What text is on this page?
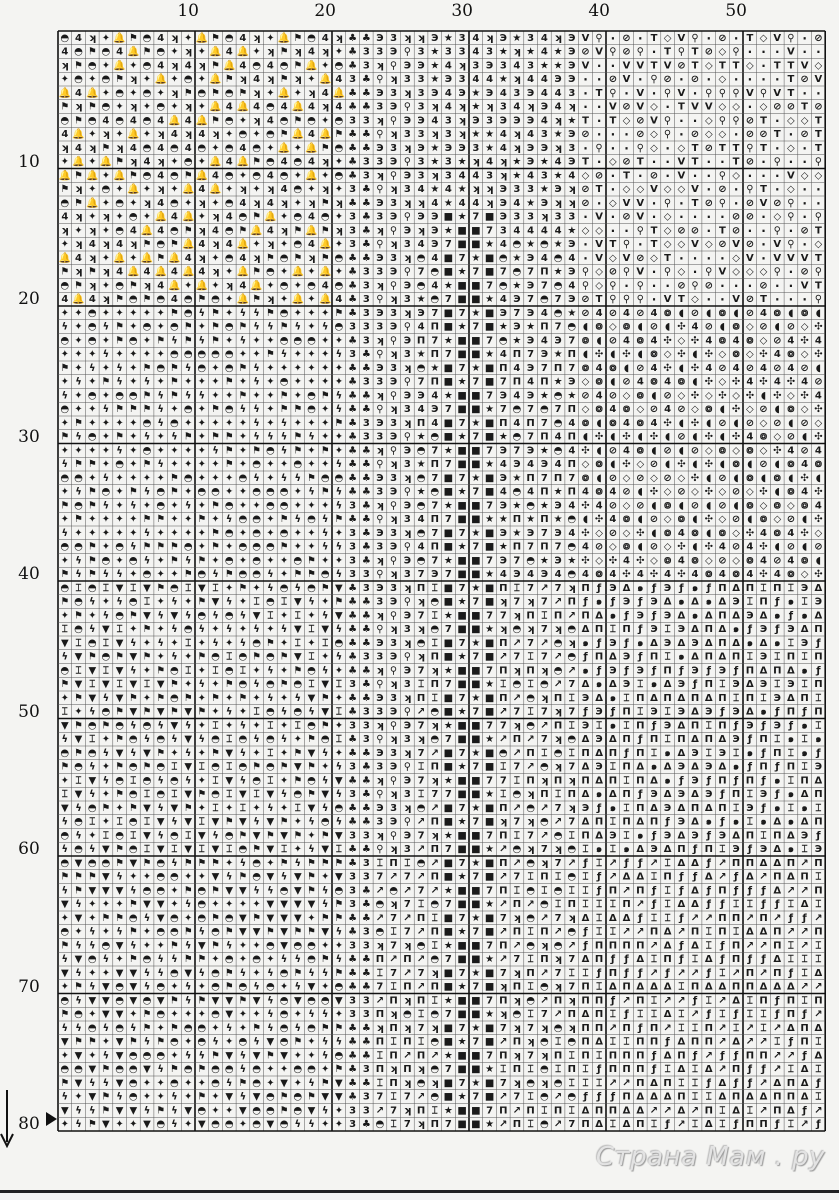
10	20	30	40	50
10
20
30
40
50
60
70
80
◓ 4 ʞ ✦ 🔔 ⚑ ◓ 4 ʞ ✦ 🔔 ⚑ ◓ 4 ʞ ✦ 🔔 ⚑ ◓ 4 ʞ ♣ ♣ Э 3 ʞ ʞ Э ★ 3 4 ʞ Э ★ 3 4 ʞ Э V ⚲ · ⊘ · T ◇ V ⚲ · ⊘ · T ◇ V ⚲ · ⊘
4 ◓ ⚑ ◓ 4 🔔 ⚑ ◓ ✦ ʞ ✦ 🔔 4 🔔 ✦ ʞ ⚑ ʞ 4 ʞ ✦ ♣ 3 3 Э ⚲ 3 ★ 3 3 4 3 ★ ʞ ★ 4 ★ Э ⊘ V ⚲ ⊘ ⚲ · T ⚲ T ⊘ ◇ ⚲ · · · V · ·
ʞ ⚑ ◓ ✦ 🔔 ✦ ◓ 4 ʞ 4 ʞ ⚑ 🔔 4 ◓ 4 ◓ ⚑ 🔔 ✦ ◓ ♣ 3 ʞ ⚲ Э Э ★ 4 ʞ 3 Э 3 4 3 ★ ★ Э V · · V V T V ⊘ T ◇ T T ◇ · T T V ◇
✦ ◓ ✦ ◓ ⚑ ʞ ✦ 🔔 ✦ ◓ ✦ 🔔 ⚑ ʞ 4 ʞ ⚑ ʞ ✦ 🔔 4 3 ♣ ⚲ ʞ 3 3 ★ Э 3 4 4 ★ ʞ 4 4 Э Э · · ⊘ V · ⚲ ⊘ · ⊘ · ◇ · · · · T ⊘ V
🔔 4 🔔 ✦ ◓ ✦ ◓ ✦ ʞ ⚑ ◓ ⚑ ◓ ⚑ ʞ ✦ 🔔 ✦ ʞ 4 🔔 ♣ ♣ Э 3 ʞ 3 Э 4 Э ★ Э 4 3 Э 4 4 3 · T ⚲ · V · ⚲ V · ⚲ ⚲ ⚲ V ⚲ V T · ·
⚑ ʞ ⚑ ◓ ✦ ʞ ✦ ◓ ✦ ʞ ✦ 🔔 4 🔔 4 ◓ 4 🔔 4 ʞ 4 ♣ ♣ 3 Э ⚲ 3 ʞ 4 ʞ ★ ʞ 3 4 ʞ Э 4 ʞ · · V ⊘ V ◇ · T V V ◇ ◇ · ◇ ⊘ ⊘ T ⊘
◓ ⚑ ◓ 4 ◓ 4 ◓ 4 🔔 4 🔔 ⚑ ◓ ✦ ʞ 4 ◓ ⚑ ◓ ✦ ◓ 3 3 ʞ ⚲ Э Э 4 3 ʞ Э 3 Э Э Э 4 ʞ ★ T · T ◇ ⊘ V ⚲ · · ◇ ⚲ ⚲ ⊘ T · ◇ ◇ T
4 🔔 ✦ ʞ ✦ 🔔 ✦ ʞ 4 ʞ 4 ʞ ✦ ◓ ✦ ◓ ⚑ 🔔 4 🔔 ⚑ ♣ ♣ ⚲ ʞ 3 3 ʞ 3 ʞ ★ ★ 4 ʞ 4 3 ★ Э ⊘ · · · ⊘ ◇ ⚲ · ⊘ ◇ ◇ · ⊘ ⊘ T · ⊘ T
ʞ 4 ʞ ⚑ ʞ 4 ◓ 4 ◓ 4 ◓ ✦ ◓ 4 ◓ ✦ 🔔 ✦ 🔔 ⚑ ◓ ♣ ♣ Э 3 ʞ Э ★ Э Э 3 ★ 4 ʞ Э Э ʞ 3 · ⚲ · · ⚲ ◇ · ◇ T ⊘ T T ⚲ T · ◇ · T
✦ 🔔 ✦ 🔔 ⚑ ʞ 4 ʞ ✦ ◓ ✦ 🔔 4 🔔 ⚑ ◓ 4 ◓ 4 ʞ ✦ ♣ 3 3 Э ⚲ 3 ★ 3 ★ ʞ 4 ʞ ★ Э ★ 4 Э T · ◇ ⊘ T · · V T · · T ⊘ · ⚲ · · ⚲
🔔 ⚑ 🔔 ✦ 🔔 ⚑ ◓ 4 ◓ ⚑ 🔔 4 ◓ ✦ ◓ 4 ◓ ✦ 🔔 ✦ ◓ ♣ 3 ʞ ⚲ Э 3 ʞ 3 4 4 3 ʞ ★ 4 3 ★ 4 ◇ ⊘ · T · ⊘ · V · · ⚲ ◇ · · · V ◇ ◇
⚑ ʞ ✦ ◓ ✦ 🔔 ✦ ʞ ✦ 🔔 4 🔔 ✦ ʞ ✦ ʞ 4 ◓ ✦ ʞ ✦ 3 ♣ ⚲ ʞ 3 4 ★ 4 ★ ʞ ʞ Э 3 3 ★ Э ʞ ⊘ T · ◇ ◇ V ◇ ◇ V · ⊘ · ⚲ T · ◇ · ·
◓ ⚑ 🔔 ✦ ◓ ✦ ʞ 4 ◓ ✦ ʞ ✦ ◓ 4 ʞ 4 ʞ ✦ ʞ ⚑ ʞ ♣ ♣ Э 3 ʞ ʞ 4 ★ 4 4 ʞ Э 4 ★ Э ʞ ʞ ⊘ · ◇ V V · ⚲ · T ⊘ ⚲ · ⊘ V ⊘ ⚲ · ·
4 ʞ ✦ ʞ ✦ ◓ ✦ 🔔 4 🔔 ✦ ʞ 4 ◓ ⚑ 🔔 ✦ ◓ 4 ◓ ✦ 3 ♣ 3 Э ⚲ Э Э ■ ★ 7 ■ Э 3 3 ʞ 3 3 · V · ⊘ V · ◇ · · · · ⊘ ⊘ · ◇ ⚲ · ⚲
ʞ ✦ ʞ ✦ ◓ 4 🔔 4 ◓ ⚑ ʞ 4 ◓ ⚑ 🔔 4 ʞ ⚑ 🔔 ⚑ ʞ 3 ♣ ʞ ⚲ Э ʞ Э ★ ■ ■ 7 3 4 4 4 4 ★ ◇ ◇ · · ⚲ T ◇ ⊘ ⊘ · T ⊘ · · ⚲ · ⊘ T
✦ ʞ 4 ʞ 4 ʞ ⚑ ◓ ⚑ 🔔 4 ʞ 4 🔔 ✦ ʞ ✦ ◓ 4 🔔 ✦ 3 ♣ ⚲ ʞ 3 4 Э 7 ■ ■ ★ 4 ◓ ★ ◓ ★ Э · V T ⚲ · T ◇ ◇ V ◇ ⊘ V ⊘ · V ⚲ · ◇
🔔 4 ʞ ✦ 🔔 ✦ 🔔 ⚑ 🔔 4 ʞ ✦ ◓ 4 ʞ ⚑ ◓ ⚑ ʞ ⚑ ◓ ♣ ♣ Э 3 ʞ ◓ 4 ■ 7 ★ ■ ◓ ★ Э 4 ◓ 4 · V ◇ V ⊘ ◇ T · · · · ◇ V · V V V T
⚑ ʞ ⚑ ʞ 4 🔔 4 🔔 4 🔔 4 ʞ ✦ 🔔 ⚑ ◓ ✦ 🔔 ✦ 🔔 ✦ ♣ 3 3 Э ⚲ 7 ◓ ■ ★ 7 ■ 7 ◓ 7 Π ★ Э ⚲ ◇ ⊘ ⚲ V · ⚲ ◇ · ⚲ V ◇ ◇ ◇ ⚲ · ⊘ ⚲
◓ ⚑ ʞ ✦ ◓ ⚑ ʞ 4 🔔 ✦ 🔔 ✦ ʞ 4 🔔 ✦ ◓ ✦ ◓ 4 ◓ ♣ 3 ʞ ⚲ Э ◓ 4 ★ ■ ■ 7 ◓ ★ Э 7 ◓ 4 ⚲ ◇ ⚲ · ⚲ · · ⊘ ⚲ ⊘ · · · ⊘ · · V T
4 🔔 4 ʞ ⚑ ◓ ⚑ ◓ 4 ◓ ⚑ ◓ ✦ 🔔 ⚑ ʞ ✦ 🔔 ✦ 🔔 4 ♣ 3 ⚲ ʞ 3 ★ ◓ 7 ■ ■ ★ 4 Э 7 ◓ 7 Э ⊘ T ⚲ ⚲ ⚲ · V T ◇ · · V ⊘ T · · · ⚲
✦ ✦ ◓ ✦ ✦ ✦ ✦ ✦ ⚑ ◓ ϟ ⚑ ✦ ϟ ϟ ⚑ ◓ ✦ ✦ ✦ ⚑ ♣ 3 Э 3 ʞ Э 7 ■ 7 ★ ■ Э 7 Э 4 ◓ ★ ⊘ 4 ⊘ 4 ⊘ 4 ៙ ◖ ⊘ ◖ ៙ ◖ ⊘ 4 ៙ ◖ ៙ ◖
ϟ ✦ ◓ ϟ ⚑ ✦ ◓ ✦ ◓ ⚑ ✦ ⚑ ◓ ⚑ ϟ ϟ ⚑ ϟ ✦ ϟ ◓ 3 3 3 Э ⚲ 4 Π ■ ★ 7 ■ ★ Э ★ Π 7 ◓ ◖ ៙ ◇ ៙ ◖ ⊘ ◖ ✣ 4 ⊘ ◖ ៙ ◇ ⊘ ◖ ⊘ ◇ ✣
◓ ✦ ◓ ✦ ⚑ ◓ ✦ ⚑ ϟ ⚑ ϟ ⚑ ✦ ϟ ✦ ✦ ◓ ◓ ◓ ✦ ✦ ♣ 3 ʞ ⚲ Э Π 7 ★ ■ ■ 7 ◓ ★ Э 4 Э 7 ៙ ◖ ⊘ 4 ៙ 4 ✣ ◇ ✣ 4 ៙ 4 ៙ ◇ ⊘ 4 ✣ 4
✦ ✦ ✦ ϟ ✦ ✦ ✦ ✦ ◓ ◓ ◓ ◓ ◓ ✦ ✦ ⚑ ϟ ✦ ✦ ✦ ϟ 3 ♣ ⚲ ʞ 3 ★ Π 7 ■ ■ ★ 4 Π 7 Э ★ Π ◖ ✣ ◖ ✣ ◖ ៙ ◇ ✣ ◖ ✣ ◇ ៙ ◇ ✣ 4 ៙ ◇ ✣
⚑ ✦ ϟ ✦ ϟ ✦ ⚑ ◓ ⚑ ϟ ◓ ✦ ◓ ⚑ ϟ ✦ ✦ ✦ ✦ ✦ ✦ ♣ ♣ Э 3 ʞ ◓ ★ ■ 7 ★ ■ Π 4 Э 7 Π 7 ៙ 4 ៙ ◖ ⊘ 4 ✣ ◖ ✣ 4 ⊘ 4 ⊘ 4 ⊘ 4 ⊘ ◖
✦ ϟ ✦ ⚑ ϟ ✦ ϟ ✦ ⚑ ✦ ✦ ✦ ⚑ ✦ ϟ ✦ ◓ ✦ ✦ ✦ ✦ ♣ 3 3 Э ⚲ 7 Π ■ ★ 7 ■ 7 Π 4 Π ★ Э ◇ ៙ ◖ ⊘ 4 ៙ 4 ៙ ◖ ✣ ◇ ✣ 4 ✣ 4 ✣ 4 ⊘
ϟ ✦ ◓ ✦ ◓ ◓ ⚑ ϟ ⚑ ϟ ϟ ✦ ✦ ⚑ ✦ ✦ ⚑ ✦ ◓ ⚑ ϟ ♣ ♣ ʞ ⚲ Э Э 4 ★ ■ ■ 7 Э 4 Э ★ ◓ ★ ⊘ 4 ⊘ ◇ ៙ ◖ ⊘ ◇ ✣ ◇ ✣ ◇ ✣ ◖ ✣ ◇ ✣ 4
◓ ✦ ✦ ϟ ⚑ ⚑ ⚑ ϟ ✦ ◓ ✦ ⚑ ◓ ϟ ϟ ✦ ⚑ ⚑ ◓ ✦ ϟ ♣ ♣ ⚲ ʞ 3 4 Э 7 ■ ■ ★ 7 ◓ 7 ◓ 7 Π ◇ ៙ 4 ៙ ◇ ⊘ 4 ⊘ ◇ ៙ ◖ ✣ ◇ ⊘ ◖ ៙ ◇ ✣
✦ ⚑ ✦ ✦ ✦ ✦ ◓ ϟ ◓ ✦ ✦ ✦ ✦ ✦ ϟ ✦ ϟ ✦ ✦ ✦ ⚑ ♣ 3 Э 3 ʞ Π 4 ■ 7 ★ ■ Π 4 Π 7 ◓ 4 ៙ ◖ ៙ 4 ៙ 4 ✣ ◖ ✣ ◖ ⊘ ◖ ⊘ ◇ ⊘ ◖ ⊘ ◇
⚑ ϟ ◓ ✦ ⚑ ✦ ϟ ✦ ϟ ⚑ ✦ ⚑ ⚑ ✦ ϟ ϟ ϟ ⚑ ϟ ✦ ✦ ♣ 3 3 Э ⚲ ★ ◓ ■ ★ 7 ■ ★ ◓ 7 Π 4 Π ◖ ✣ ◖ ✣ ◖ ✣ ◖ ⊘ ◖ ✣ ◖ ✣ 4 ៙ ◇ ⊘ ◖ ✣
✦ ✦ ✦ ✦ ϟ ✦ ◓ ✦ ✦ ✦ ✦ ϟ ⚑ ✦ ⚑ ◓ ϟ ⚑ ✦ ⚑ ✦ ♣ ♣ ʞ ⚲ Э ◓ 7 ★ ■ ■ 7 Э 7 Э ★ ◓ 4 ✣ ◖ ⊘ 4 ៙ ◖ ⊘ ◖ ⊘ ◇ ៙ ◇ ៙ ◇ ✣ 4 ⊘ 4
ϟ ⚑ ⚑ ✦ ◓ ✦ ⚑ ϟ ✦ ✦ ✦ ✦ ⚑ ✦ ◓ ✦ ✦ ◓ ✦ ✦ ϟ ♣ ♣ ⚲ ʞ 3 ★ Π 7 ■ ■ ★ 4 Э 4 Э 4 Π ◇ ៙ ◖ ✣ ◇ ⊘ ◖ ✣ ◖ ✣ ◖ ៙ ◖ ⊘ ◖ ៙ 4 ៙
◓ ◓ ✦ ϟ ✦ ✦ ✦ ✦ ⚑ ◓ ✦ ✦ ✦ ◓ ϟ ✦ ϟ ϟ ⚑ ◓ ◓ ♣ ♣ Э 3 ʞ ◓ 7 ■ 7 ★ ■ Э ★ Π 7 Π 7 ៙ ◖ ⊘ ◇ ⊘ ◇ ⊘ ◇ ✣ ◖ ⊘ ◖ ៙ ◖ ៙ ◖ ✣ ◖
✦ ϟ ⚑ ◓ ✦ ⚑ ϟ ◓ ⚑ ✦ ◓ ◓ ✦ ✦ ◓ ◓ ◓ ✦ ϟ ⚑ ϟ ♣ ♣ 3 Э ⚲ ★ ◓ ■ ★ 7 ■ 4 ◓ 4 Π ★ Π 4 ៙ 4 ⊘ ◖ ✣ ◇ ⊘ ◇ ✣ ◇ ⊘ ◇ ✣ ◖ ៙ 4 ✣
⚑ ◓ ⚑ ϟ ✦ ϟ ✦ ◓ ✦ ϟ ✦ ⚑ ◓ ✦ ✦ ◓ ◓ ✦ ✦ ✦ ϟ 3 ♣ ʞ ⚲ Э ◓ 7 ★ ■ ■ 7 Э ★ ◓ ★ Э 4 ✣ 4 ⊘ ◇ ⊘ ◖ ៙ ◖ ⊘ ◖ ⊘ ◖ ៙ ◇ ៙ ◇ ៙ 4
✦ ⚑ ✦ ✦ ✦ ✦ ⚑ ⚑ ✦ ✦ ⚑ ✦ ϟ ◓ ◓ ✦ ⚑ ϟ ◓ ϟ ⚑ ♣ ♣ ⚲ ʞ 3 4 Π 7 ■ ■ ★ ★ Π ★ Π ★ ◓ ◖ ✣ 4 ៙ ◖ ⊘ ◇ ៙ ◖ ✣ ◇ ⊘ ◖ ៙ ◇ ⊘ ◖ ✣
ϟ ✦ ✦ ✦ ✦ ✦ ϟ ✦ ✦ ✦ ✦ ⚑ ◓ ✦ ◓ ✦ ◓ ✦ ✦ ϟ ✦ 3 ♣ Э 3 ʞ ◓ 7 ■ 7 ★ ■ Э ★ Э 7 Э 4 ✣ ◇ ⊘ ◇ ✣ ◖ ៙ 4 ៙ ◖ ៙ ◇ ✣ 4 ៙ 4 ✣ ◇
◓ ◓ ⚑ ✦ ◓ ϟ ⚑ ⚑ ⚑ ◓ ✦ ⚑ ✦ ◓ ◓ ◓ ⚑ ✦ ✦ ϟ ϟ 3 ♣ 3 Э ⚲ 4 Π ■ ★ 7 ■ ★ Π 7 Π 7 ◓ 4 ⊘ ◇ ៙ ◖ ⊘ ◇ ✣ ◖ ✣ 4 ⊘ 4 ✣ ◖ ⊘ ◖ ⊘
✦ ϟ ⚑ ◓ ✦ ◓ ϟ ✦ ⚑ ϟ ⚑ ✦ ◓ ✦ ◓ ✦ ✦ ◓ ⚑ ✦ ✦ 3 ♣ ʞ ⚲ Э ◓ 7 ★ ■ ■ 7 Э 7 ◓ ★ Э ★ ✣ ◇ ✣ 4 ✣ ◇ ៙ 4 ៙ ◇ ⊘ ◇ ៙ 4 ⊘ 4 ៙ ◖
⚑ ϟ ⚑ ϟ ϟ ✦ ◓ ✦ ✦ ⚑ ◓ ϟ ⚑ ◓ ◓ ϟ ✦ ⚑ ⚑ ◓ ϟ 3 3 ⚲ ʞ 3 7 Э 7 ■ ■ ★ 4 Э 4 Э 4 ◓ 4 ៙ 4 ✣ 4 ✣ 4 ✣ 4 ៙ 4 ៙ 4 ✣ 4 ៙ ◇ ✣
◓ ⌶ ◓ ⌶ ▼ ⌶ ▼ ⚑ ◓ ⌶ ▼ ⌶ ✦ ⚑ ✦ ϟ ◓ ϟ ◓ ⚑ ▼ ♣ 3 Э 3 ʞ Π ⌶ ■ 7 ★ ■ Π ⌶ 7 ↗ 7 ʞ Π ƒ Э Δ ๑ ƒ Э ƒ ๑ ƒ Π Δ Π ⌶ Π ⌶ Э Δ
⚑ ◓ ϟ ✦ ϟ ◓ ⌶ ✦ ϟ ✦ ⚑ ▼ ϟ ✦ ⌶ ◓ ⌶ ▼ ϟ ✦ ⚑ ♣ ♣ 3 Э ⚲ ʞ ◓ ■ ★ 7 ■ ʞ 7 ʞ 7 ↗ Π ƒ ๑ ƒ Э ƒ Э Δ ๑ Δ ๑ Δ Э ⌶ Π ƒ ๑ ⌶ Э
✦ ⚑ ✦ ϟ ◓ ⚑ ▼ ϟ ▼ ϟ ◓ ϟ ◓ ϟ ▼ ⌶ ✦ ⌶ ✦ ϟ ▼ ♣ ♣ ʞ ⚲ Э 7 ⌶ ★ ■ ■ 7 7 ʞ Π ⌶ Π ↗ Π Δ ๑ ƒ Э ƒ Э Δ ๑ Δ Π Δ Э Δ ๑ ƒ ๑ Δ
⌶ ◓ ϟ ▼ ⌶ ✦ ⚑ ✦ ϟ ◓ ϟ ✦ ϟ ✦ ϟ ✦ ϟ ▼ ⌶ ▼ ϟ ♣ ♣ ⚲ ʞ 3 ʞ ◓ 7 ■ ■ ★ ʞ ◓ ʞ 7 ʞ ◓ Δ Π ⌶ Π ƒ Э ⌶ Э Δ Π Δ ๑ ƒ Э ƒ Э Δ Π
▼ ⌶ ◓ ⌶ ▼ ϟ ✦ ϟ ✦ ⌶ ✦ ϟ ✦ ϟ ◓ ⚑ ✦ ⌶ ✦ ⌶ ◓ ♣ ♣ Э 3 ʞ ◓ ⌶ ■ 7 ★ ■ Π ↗ 7 ↗ ◓ ʞ ๑ ƒ Э ƒ ๑ Δ Э Δ Э Δ Π Δ ๑ Δ ๑ ⌶ Э ƒ
ϟ ▼ ⚑ ◓ ⚑ ▼ ⚑ ✦ ϟ ✦ ⚑ ◓ ⌶ ◓ ⚑ ◓ ⚑ ▼ ⌶ ✦ ϟ ♣ 3 3 Э ⚲ ʞ Π ■ ★ 7 ■ ↗ 7 ⌶ 7 ↗ ◓ ƒ Π Δ Э ƒ Π ⌶ ๑ Δ Π Δ Π ⌶ Э ⌶ Π ⌶ Π
◓ ⌶ ▼ ⌶ ▼ ϟ ✦ ⚑ ◓ ⌶ ✦ ⌶ ◓ ⌶ ✦ ϟ ✦ ⚑ ◓ ϟ ✦ ♣ ♣ ʞ ⚲ Э 7 ʞ ★ ■ ■ 7 Π ʞ Π ʞ ◓ ↗ ๑ ƒ Э ƒ Э ƒ Π ƒ Э ƒ Э ƒ Π Δ Π Δ ๑ ƒ
⚑ ▼ ⌶ ▼ ⌶ ▼ ⌶ ▼ ⚑ ✦ ϟ ✦ ⚑ ◓ ϟ ◓ ⚑ ◓ ⌶ ▼ ⌶ 3 ♣ ⚲ ʞ 3 ⌶ Π 7 ■ ■ ★ ⌶ ◓ ⌶ ◓ ↗ 7 Δ ๑ Δ Э ⌶ ๑ Δ Э ƒ Π ⌶ Э Δ Э ⌶ Э ⌶ Π
✦ ⚑ ▼ ϟ ▼ ⚑ ✦ ⚑ ◓ ⚑ ✦ ⚑ ✦ ⚑ ✦ ϟ ✦ ϟ ▼ ⚑ ✦ ♣ ♣ Э 3 ʞ Π ⌶ ■ 7 ★ ■ Π ↗ ◓ ʞ Π ⌶ Э Δ ๑ ⌶ Π Δ Π Δ Π Δ Π ⌶ Π ⌶ Э Δ Π ⌶
⌶ ✦ ϟ ◓ ⚑ ▼ ⚑ ▼ ⚑ ▼ ⚑ ✦ ϟ ✦ ⌶ ◓ ϟ ◓ ϟ ▼ ⌶ ♣ 3 3 Э ⚲ ↗ ◓ ■ ★ 7 ■ ↗ 7 ⌶ 7 ʞ 7 ƒ Э ƒ Π ⌶ Э ⌶ Э Δ Э ƒ Э Δ ๑ ƒ Π ƒ Π
▼ ⚑ ◓ ⚑ ◓ ϟ ◓ ϟ ▼ ϟ ✦ ⌶ ✦ ϟ ✦ ⌶ ✦ ⌶ ◓ ⚑ ✦ 3 3 ʞ ⚲ Э 7 ʞ ★ ■ ■ 7 7 ʞ ◓ ↗ Π ⌶ Э ⌶ ๑ ⌶ Π ƒ Э Δ Π ⌶ Π ƒ Э ƒ Э ƒ ๑ ⌶
ϟ ▼ ⌶ ✦ ⚑ ◓ ϟ ◓ ϟ ▼ ϟ ◓ ⌶ ◓ ϟ ◓ ϟ ✦ ⚑ ◓ ⌶ ♣ 3 ⚲ ʞ 3 ʞ ◓ 7 ■ ■ ★ ↗ Π ↗ 7 ʞ ◓ Δ Э Δ Π ƒ Π ⌶ Π Δ Π Δ Э ƒ Π ⌶ ๑ ⌶ ๑
◓ ⚑ ◓ ϟ ▼ ϟ ▼ ⚑ ✦ ϟ ✦ ⚑ ▼ ϟ ✦ ⌶ ✦ ⚑ ▼ ϟ ✦ ♣ ♣ Э 3 ʞ 7 ↗ ■ 7 ★ ■ ◓ ↗ Π ⌶ ◓ ⌶ Π Δ Π ƒ Π ⌶ ๑ Δ Э ⌶ Э ⌶ ๑ ƒ Π ⌶ ๑ ƒ
⚑ ◓ ϟ ✦ ⚑ ◓ ⚑ ◓ ⌶ ▼ ⌶ ◓ ⌶ ◓ ⚑ ◓ ⚑ ▼ ⚑ ✦ ϟ 3 ♣ 3 Э ⚲ ⌶ Π ■ ★ 7 ■ ⌶ 7 ↗ ◓ ʞ 7 Δ Э ⌶ Π Δ ๑ Δ Э Δ Э Δ ๑ ƒ Π ƒ Π ⌶ Э
✦ ⌶ ▼ ϟ ◓ ⌶ ◓ ϟ ◓ ϟ ✦ ⌶ ▼ ϟ ◓ ⌶ ✦ ⚑ ◓ ϟ ▼ ♣ ♣ ʞ ⚲ Э 7 ʞ ★ ■ ■ 7 7 ⌶ Π ʞ Π ʞ Π Δ Π ⌶ Π Δ ๑ ƒ Э ƒ Π ƒ Π ƒ ๑ ⌶ Π Δ
⌶ ▼ ϟ ✦ ⚑ ◓ ⌶ ◓ ⌶ ▼ ⚑ ◓ ⌶ ▼ ⌶ ▼ ϟ ◓ ⚑ ▼ ϟ 3 ♣ ⚲ ʞ 3 ⌶ 7 7 ■ ■ ★ ⌶ ◓ ʞ Π ⌶ Π Δ ๑ Δ Π ƒ Э Δ Э Δ Э ƒ Π ⌶ Э ƒ ๑ Δ Π
▼ ϟ ◓ ⚑ ✦ ⚑ ▼ ϟ ▼ ⚑ ✦ ⌶ ✦ ⌶ ✦ ϟ ✦ ⌶ ▼ ϟ ◓ ♣ ♣ Э 3 ʞ ◓ ↗ ■ 7 ★ ■ Π ↗ ◓ ↗ 7 ʞ Э ƒ ๑ ⌶ Π Δ Э Δ Π Δ Π ⌶ Э ƒ ๑ ⌶ ๑ ⌶
ϟ ◓ ⌶ ✦ ⌶ ◓ ⌶ ▼ ϟ ▼ ⌶ ▼ ⚑ ▼ ϟ ▼ ⚑ ✦ ϟ ◓ ϟ ♣ ♣ 3 Э ⚲ ↗ Π ■ ★ 7 ■ ʞ 7 ʞ ◓ ↗ 7 Δ Π ⌶ Π Δ Π ƒ Э Δ ๑ ƒ ๑ ⌶ ๑ Δ ๑ Δ Π
◓ ϟ ✦ ⌶ ◓ ⌶ ▼ ϟ ◓ ⌶ ▼ ϟ ◓ ⚑ ▼ ⚑ ▼ ⚑ ✦ ⚑ ▼ 3 3 ʞ ⚲ Э 7 ʞ ★ ■ ■ 7 Π ⌶ 7 ↗ ◓ ⌶ Π Δ Э ⌶ ๑ ƒ Э Δ Э ƒ Э Δ Π ⌶ Π Δ Э ƒ
ϟ ◓ ϟ ▼ ⚑ ◓ ⌶ ▼ ⌶ ▼ ⌶ ▼ ⌶ ◓ ⚑ ▼ ⌶ ✦ ϟ ▼ ⌶ ♣ ♣ ⚲ ʞ 3 ↗ Π 7 ■ ■ ★ ↗ ◓ ʞ 7 ʞ ◓ ⌶ ๑ ⌶ ๑ Δ Э Δ Π ƒ Π ⌶ Э ƒ Э Δ ๑ ⌶ Э
◓ ▼ ◓ ◓ ⚑ ▼ ⚑ ◓ ϟ ⚑ ⚑ ⚑ ✦ ϟ ◓ ✦ ⚑ ϟ ⚑ ⚑ ⚑ ♣ 3 ⌶ Π ⌶ ◓ ↗ ■ 7 ★ ■ Π ↗ ◓ ʞ 7 ↗ ƒ ⌶ ↗ ƒ ƒ ↗ ⌶ Δ Δ ƒ ↗ Π Π Δ Δ Π ↗ Π
⚑ ⚑ ⚑ ▼ ϟ ✦ ✦ ◓ ◓ ✦ ✦ ▼ ϟ ⚑ ◓ ▼ ϟ ▼ ⚑ ✦ ▼ 3 3 7 ↗ 7 ↗ Π ■ ★ 7 ■ ↗ 7 ⌶ Π ⌶ ◓ ⌶ ƒ ↗ Δ Δ ⌶ Π ƒ ƒ Δ ↗ ƒ Δ ↗ Π Δ Π ⌶
ϟ ⚑ ▼ ▼ ▼ ϟ ◓ ◓ ✦ ⚑ ◓ ⚑ ▼ ▼ ϟ ϟ ◓ ▼ ⚑ ϟ ◓ 3 ♣ ↗ ◓ ↗ 7 ↗ ★ ■ ■ 7 Π ⌶ ◓ ⌶ ◓ ⌶ ⌶ ƒ Π ↗ Π ƒ ⌶ ƒ Δ ƒ Π ƒ ƒ ƒ Δ ↗ ↗ Π
▼ ϟ ✦ ✦ ✦ ⚑ ▼ ▼ ✦ ϟ ◓ ✦ ✦ ✦ ✦ ▼ ▼ ▼ ▼ ϟ ⚑ 3 ♣ ◓ ʞ 7 ⌶ ◓ 7 ■ ■ ★ ↗ Π ↗ ◓ ⌶ Π ⌶ ⌶ ⌶ Π ↗ ƒ ⌶ Δ Δ ƒ ƒ ⌶ ⌶ ƒ ƒ ⌶ Δ ⌶
✦ ▼ ✦ ⚑ ⚑ ◓ ϟ ▼ ◓ ✦ ◓ ⚑ ◓ ▼ ⚑ ▼ ▼ ▼ ✦ ⚑ ⚑ ♣ ♣ ↗ 7 ↗ Π ⌶ ■ 7 ★ ■ 7 ʞ ◓ ↗ 7 ʞ Δ ⌶ Δ Δ ƒ ⌶ ⌶ ƒ ↗ ↗ Π Π ↗ Π ↗ ƒ ƒ ↗
◓ ✦ ϟ ✦ ϟ ⚑ ✦ ◓ ◓ ⚑ ϟ ◓ ⚑ ▼ ▼ ⚑ ▼ ⚑ ⚑ ▼ ϟ ♣ 3 ◓ ⌶ 7 ↗ Π ■ ★ 7 ■ ↗ Π ⌶ Π ↗ ◓ ƒ ⌶ ⌶ ↗ ↗ Π Δ ↗ Π ⌶ Π ⌶ Δ Δ Π ↗ ↗ Π
⚑ ϟ ϟ ◓ ▼ ϟ ✦ ✦ ⚑ ϟ ▼ ⚑ ϟ ✦ ✦ ◓ ▼ ◓ ◓ ✦ ✦ 3 3 ʞ 7 ʞ ◓ ⌶ ★ ■ ■ 7 Π ↗ ◓ ʞ ◓ ↗ ƒ Π Π Π Π ↗ Δ ƒ Δ ⌶ ƒ Π ↗ ↗ Π ⌶ ↗ ⌶
ϟ ▼ ◓ ϟ ✦ ⚑ ◓ ϟ ϟ ⚑ ⚑ ✦ ◓ ✦ ◓ ✦ ϟ ϟ ◓ ⚑ ϟ ♣ ♣ Π ↗ Π ↗ ◓ 7 ■ ■ ★ ↗ 7 ⌶ Π ʞ 7 Δ Π ƒ ƒ Δ ⌶ Π ƒ ⌶ Δ ƒ Π ƒ ƒ Δ ⌶ ⌶ ⌶
▼ ϟ ✦ ✦ ▼ ▼ ϟ ϟ ◓ ▼ ϟ ◓ ⚑ ϟ ✦ ϟ ◓ ⚑ ϟ ϟ ⚑ ♣ ♣ ⌶ 7 ↗ 7 ʞ ■ 7 ★ ■ 7 ʞ Π ↗ 7 ⌶ ⌶ ƒ Π ƒ ƒ ↗ ƒ ↗ ↗ ƒ ⌶ ↗ Π ↗ Π ƒ ⌶ Δ
✦ ⚑ ϟ ▼ ◓ ▼ ϟ ◓ ✦ ϟ ✦ ◓ ⚑ ◓ ϟ ◓ ✦ ϟ ▼ ✦ ◓ ♣ ♣ 7 ⌶ Π ↗ Π ■ ★ 7 ■ ʞ Π ⌶ ◓ ʞ 7 Π ⌶ Δ Π Δ Δ Δ ⌶ Π Δ Δ Π Π Δ Δ Δ ↗ ↗
◓ ϟ ▼ ▼ ◓ ▼ ◓ ▼ ⚑ ϟ ⚑ ▼ ▼ ⚑ ▼ ϟ ◓ ▼ ◓ ◓ ▼ 3 3 ↗ Π ʞ Π ⌶ ★ ■ ■ 7 Π ʞ ◓ ↗ Π ʞ Π Π ƒ ↗ Π ⌶ ↗ ↗ ƒ ⌶ ↗ Δ ⌶ Π ƒ Π ⌶ Π
⚑ ◓ ✦ ▼ ▼ ✦ ⚑ ◓ ✦ ✦ ✦ ◓ ▼ ✦ ✦ ϟ ◓ ✦ ϟ ϟ ✦ 3 3 Π ʞ ◓ ⌶ ◓ 7 ■ ■ ★ ʞ ◓ ⌶ 7 ↗ Π Δ Π ⌶ ƒ ⌶ ⌶ Δ ⌶ ↗ ƒ ⌶ ƒ ⌶ ⌶ ƒ Π ƒ ↗
ϟ ϟ ◓ ϟ ◓ ϟ ⚑ ✦ ⚑ ◓ ◓ ✦ ϟ ✦ ⚑ ϟ ◓ ϟ ◓ ⚑ ⚑ ♣ ♣ ʞ Π ʞ 7 ʞ ■ 7 ★ ■ 7 ʞ 7 ʞ ◓ ʞ Π Π ↗ Π ƒ Π ↗ ⌶ ⌶ Π ↗ ⌶ ↗ ⌶ ↗ Δ Π Δ
▼ ⚑ ⚑ ✦ ▼ ⚑ ϟ ⚑ ◓ ✦ ◓ ϟ ✦ ◓ ϟ ▼ ◓ ⚑ ✦ ϟ ϟ ♣ ♣ Π ⌶ Π ⌶ ◓ ■ ★ 7 ■ ↗ Π ʞ ◓ ⌶ ◓ Π Δ ⌶ ⌶ Π Π ƒ Δ Π Π ↗ Δ ↗ ↗ ⌶ ƒ Π ⌶
✦ ▼ ✦ ϟ ▼ ◓ ◓ ◓ ✦ ϟ ϟ ⚑ ▼ ϟ ▼ ⚑ ▼ ✦ ✦ ϟ ◓ ♣ ♣ ⌶ Π ↗ Π ↗ ★ ■ ■ 7 Π ʞ 7 ʞ Π ⌶ Π ⌶ Π Π Π ƒ Δ Π ƒ ↗ ƒ ƒ Π Π ↗ ↗ ƒ Δ
◓ ◓ ▼ ⚑ ◓ ◓ ▼ ϟ ⚑ ◓ ⚑ ◓ ◓ ϟ ◓ ✦ ✦ ◓ ◓ ✦ ⚑ ♣ 3 Π ʞ Π ʞ ◓ 7 ■ ■ ★ ⌶ Π ⌶ ◓ ⌶ Π ⌶ ƒ Π Π Π ƒ ⌶ Δ ⌶ Δ ↗ Π ƒ ƒ ↗ ⌶ Δ ⌶
⚑ ▼ ϟ ϟ ▼ ◓ ✦ ✦ ◓ ✦ ✦ ◓ ϟ ⚑ ◓ ✦ ▼ ✦ ϟ ⚑ ▼ ♣ ♣ ⌶ Π ʞ ◓ ʞ ■ 7 ★ ■ 7 ʞ ◓ ʞ ◓ ⌶ ⌶ ⌶ ↗ ↗ Π Δ Π ⌶ ⌶ ƒ Δ ƒ ƒ ↗ Δ Π Δ ƒ
ϟ ✦ ▼ ⚑ ϟ ◓ ✦ ✦ ϟ ✦ ⚑ ✦ ▼ ϟ ▼ ◓ ⚑ ◓ ⚑ ▼ ▼ ♣ 3 7 ⌶ 7 ↗ ◓ ■ ★ 7 ■ ↗ 7 ⌶ ◓ ↗ ◓ ƒ ƒ ƒ Π Δ Δ Δ Π ⌶ ⌶ Δ Π Δ Δ Π Π Δ ⌶
▼ ϟ ϟ ⚑ ▼ ▼ ϟ ⚑ ϟ ▼ ◓ ✦ ✦ ▼ ◓ ◓ ⚑ ◓ ▼ ϟ ✦ 3 3 ↗ 7 ʞ Π ⌶ ★ ■ ■ 7 Π ↗ Π ⌶ Π ⌶ Δ Π Π Δ Δ ↗ ↗ Δ ↗ Π ⌶ Δ ⌶ ↗ Π Δ ƒ ↗
✦ ϟ ⚑ ▼ ✦ ✦ ▼ ◓ ϟ ✦ ▼ ◓ ◓ ✦ ◓ ▼ ◓ ϟ ϟ ✦ ✦ 3 ♣ ◓ ⌶ 7 ʞ Π 7 ■ ■ ★ ↗ Π ⌶ ◓ ↗ 7 Π Δ ⌶ Δ Π ⌶ ƒ ↗ ⌶ Δ ⌶ ƒ Π Π ƒ ⌶ ↗ ƒ
Страна Мам . ру
